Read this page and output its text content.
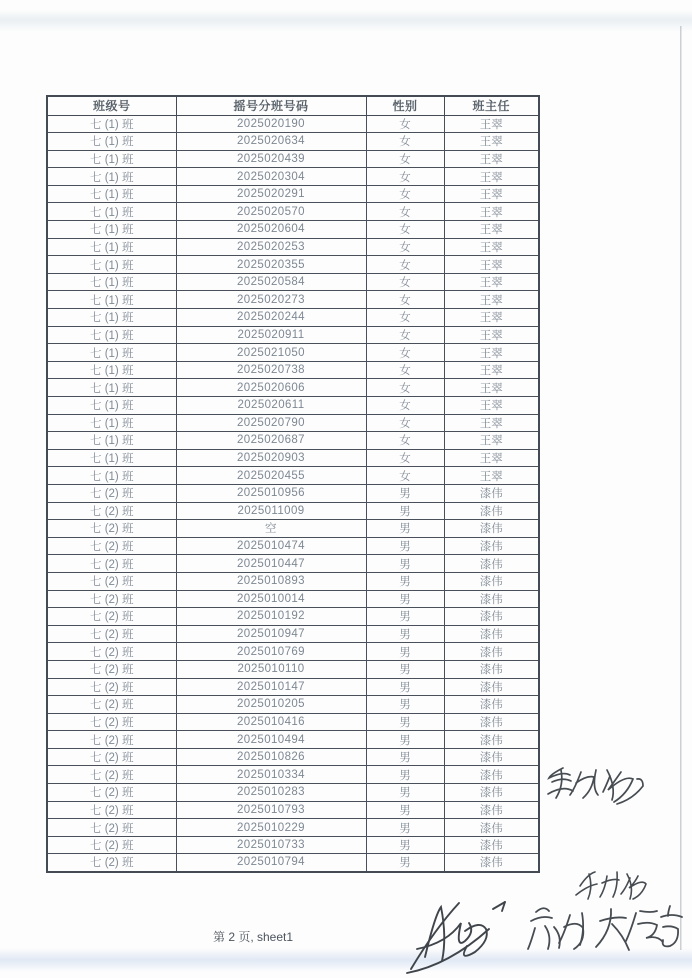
班级号	摇号分班号码	性别	班主任
七 (1) 班	2025020190	女	王翠
七 (1) 班	2025020634	女	王翠
七 (1) 班	2025020439	女	王翠
七 (1) 班	2025020304	女	王翠
七 (1) 班	2025020291	女	王翠
七 (1) 班	2025020570	女	王翠
七 (1) 班	2025020604	女	王翠
七 (1) 班	2025020253	女	王翠
七 (1) 班	2025020355	女	王翠
七 (1) 班	2025020584	女	王翠
七 (1) 班	2025020273	女	王翠
七 (1) 班	2025020244	女	王翠
七 (1) 班	2025020911	女	王翠
七 (1) 班	2025021050	女	王翠
七 (1) 班	2025020738	女	王翠
七 (1) 班	2025020606	女	王翠
七 (1) 班	2025020611	女	王翠
七 (1) 班	2025020790	女	王翠
七 (1) 班	2025020687	女	王翠
七 (1) 班	2025020903	女	王翠
七 (1) 班	2025020455	女	王翠
七 (2) 班	2025010956	男	漆伟
七 (2) 班	2025011009	男	漆伟
七 (2) 班	空	男	漆伟
七 (2) 班	2025010474	男	漆伟
七 (2) 班	2025010447	男	漆伟
七 (2) 班	2025010893	男	漆伟
七 (2) 班	2025010014	男	漆伟
七 (2) 班	2025010192	男	漆伟
七 (2) 班	2025010947	男	漆伟
七 (2) 班	2025010769	男	漆伟
七 (2) 班	2025010110	男	漆伟
七 (2) 班	2025010147	男	漆伟
七 (2) 班	2025010205	男	漆伟
七 (2) 班	2025010416	男	漆伟
七 (2) 班	2025010494	男	漆伟
七 (2) 班	2025010826	男	漆伟
七 (2) 班	2025010334	男	漆伟
七 (2) 班	2025010283	男	漆伟
七 (2) 班	2025010793	男	漆伟
七 (2) 班	2025010229	男	漆伟
七 (2) 班	2025010733	男	漆伟
七 (2) 班	2025010794	男	漆伟
第 2 页, sheet1
